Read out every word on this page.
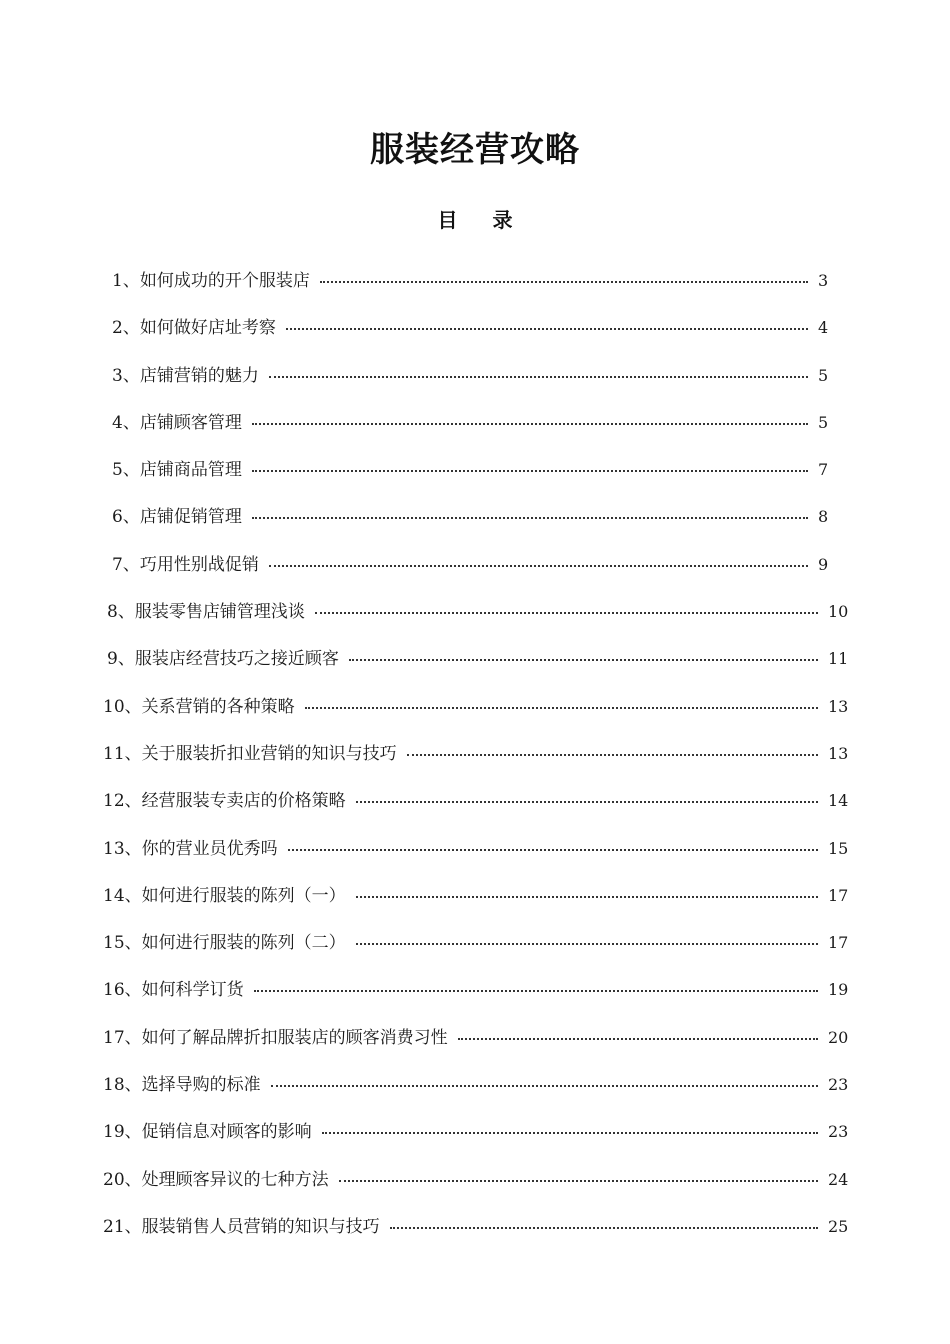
服装经营攻略
目 录
1、如何成功的开个服装店	3
2、如何做好店址考察	4
3、店铺营销的魅力	5
4、店铺顾客管理	5
5、店铺商品管理	7
6、店铺促销管理	8
7、巧用性别战促销	9
8、服装零售店铺管理浅谈	10
9、服装店经营技巧之接近顾客	11
10、关系营销的各种策略	13
11、关于服装折扣业营销的知识与技巧	13
12、经营服装专卖店的价格策略	14
13、你的营业员优秀吗	15
14、如何进行服装的陈列（一）	17
15、如何进行服装的陈列（二）	17
16、如何科学订货	19
17、如何了解品牌折扣服装店的顾客消费习性	20
18、选择导购的标准	23
19、促销信息对顾客的影响	23
20、处理顾客异议的七种方法	24
21、服装销售人员营销的知识与技巧	25
